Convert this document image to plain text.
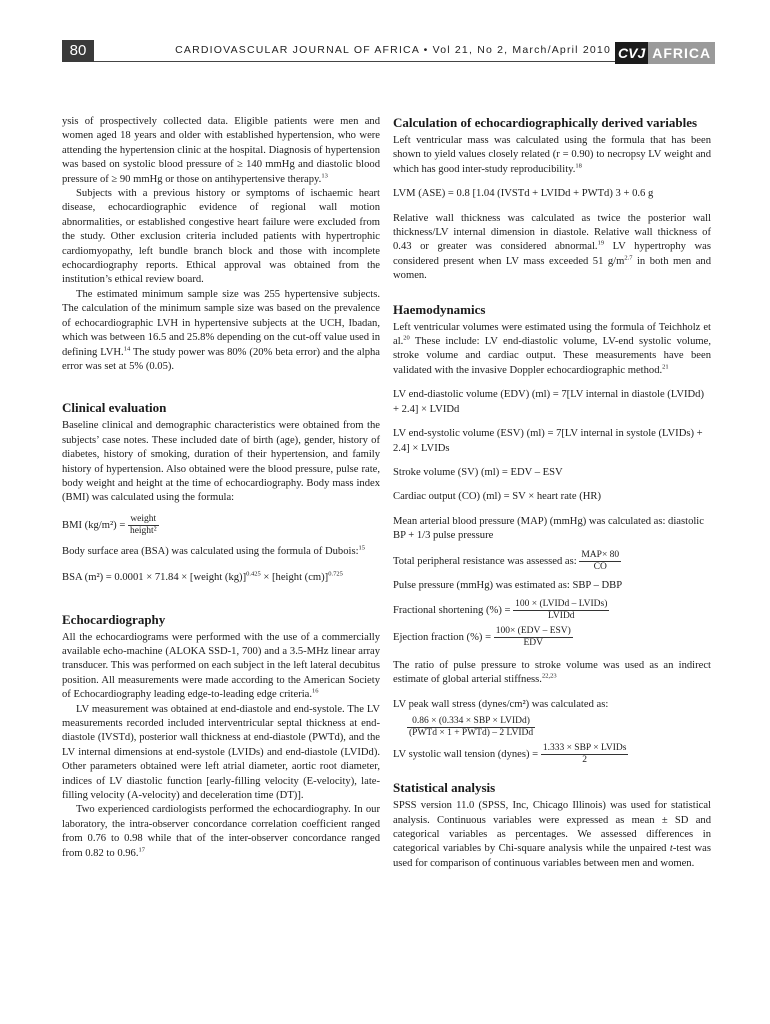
80	CARDIOVASCULAR JOURNAL OF AFRICA • Vol 21, No 2, March/April 2010 CVJ AFRICA

ysis of prospectively collected data. Eligible patients were men and women aged 18 years and older with established hypertension, who were attending the hypertension clinic at the hospital. Diagnosis of hypertension was based on systolic blood pressure of ≥ 140 mmHg and diastolic blood pressure of ≥ 90 mmHg or those on antihypertensive therapy.$^{13}$

Subjects with a previous history or symptoms of ischaemic heart disease, echocardiographic evidence of regional wall motion abnormalities, or established congestive heart failure were excluded from the study. Other exclusion criteria included patients with hypertrophic cardiomyopathy, left bundle branch block and those with incomplete echocardiography reports. Ethical approval was obtained from the institution’s ethical review board.

The estimated minimum sample size was 255 hypertensive subjects. The calculation of the minimum sample size was based on the prevalence of echocardiographic LVH in hypertensive subjects at the UCH, Ibadan, which was between 16.5 and 25.8% depending on the cut-off value used in defining LVH.$^{14}$ The study power was 80% (20% beta error) and the alpha error was set at 5% (0.05).

Clinical evaluation

Baseline clinical and demographic characteristics were obtained from the subjects’ case notes. These included date of birth (age), gender, history of diabetes, history of smoking, duration of their hypertension, and family history of hypertension. Also obtained were the blood pressure, pulse rate, body weight and height at the time of echocardiography. Body mass index (BMI) was calculated using the formula:

BMI $(kg/m^2) = \frac{\text{weight}}{\text{height²}}$

Body surface area (BSA) was calculated using the formula of Dubois:$^{15}$

BSA (m²) = 0.0001 × 71.84 × [weight (kg)]$^{0.425}$ × [height (cm)]$^{0.725}$
Echocardiography

All the echocardiograms were performed with the use of a commercially available echo-machine (ALOKA SSD-1, 700) and a 3.5-MHz linear array transducer. This was performed on each subject in the left lateral decubitus position. All measurements were made according to the American Society of Echocardiography leading edge-to-leading edge criteria.$^{16}$

LV measurement was obtained at end-diastole and end-systole. The LV measurements recorded included interventricular septal thickness at end-diastole (IVSTd), posterior wall thickness at end-diastole (PWTd), and the LV internal dimensions at end-systole (LVIDs) and end-diastole (LVIDd). Other parameters obtained were left atrial diameter, aortic root diameter, indices of LV diastolic function [early-filling velocity (E-velocity), late-filling velocity (A-velocity) and deceleration time (DT)].

Two experienced cardiologists performed the echocardiography. In our laboratory, the intra-observer concordance correlation coefficient ranged from 0.76 to 0.98 while that of the inter-observer concordance ranged from 0.82 to 0.96.17

Calculation of echocardiographically derived variables

Left ventricular mass was calculated using the formula that has been shown to yield values closely related (r = 0.90) to necropsy LV weight and which has good inter-study reproducibility.$^{18}$

LVM (ASE) = 0.8 [1.04 (IVSTd + LVIDd + PWTd) 3 + 0.6 g

Relative wall thickness was calculated as twice the posterior wall thickness/LV internal dimension in diastole. Relative wall thickness of 0.43 or greater was considered abnormal.$^{19}$ LV hypertrophy was considered present when LV mass exceeded 51 $g/m^{2.7}$ in both men and women.

Haemodynamics

Left ventricular volumes were estimated using the formula of Teichholz et al.$^{20}$ These include: LV end-diastolic volume, LV-end systolic volume, stroke volume and cardiac output. These measurements have been validated with the invasive Doppler echocardiographic method.$^{21}$

LV end-diastolic volume (EDV) (ml) = 7[LV internal in diastole (LVIDd) + 2.4] × LVIDd

LV end-systolic volume (ESV) (ml) = 7[LV internal in systole (LVIDs) + 2.4] × LVIDs

Stroke volume (SV) (ml) = EDV – ESV

Cardiac output (CO) (ml) = SV × heart rate (HR)

Mean arterial blood pressure (MAP) (mmHg) was calculated as: diastolic BP + 1/3 pulse pressure

Total peripheral resistance was assessed as: $\frac{\text{MAP× 80}}{CO}$

Pulse pressure (mmHg) was estimated as: SBP – DBP

Fractional shortening (%) = $\frac{\text{100 × (LVIDd – LVIDs)}}{\text{LVIDd}}$
Ejection fraction (%) = $\frac{\text{100× (EDV – ESV)}}{\text{EDV}}$

The ratio of pulse pressure to stroke volume was used as an indirect estimate of global arterial stiffness.$^{22,23}$

LV peak wall stress (dynes/cm²) was calculated as:

$\frac{\text{0.86 × (0.334 × SBP × LVIDd)}}{\text{(PWTd × 1 + PWTd) – 2 LVIDd}}$
LV systolic wall tension (dynes) = $\frac{\text{1.333 × SBP × LVIDs}}{2}$
Statistical analysis

SPSS version 11.0 (SPSS, Inc, Chicago Illinois) was used for statistical analysis. Continuous variables were expressed as mean ± SD and categorical variables as percentages. We assessed differences in categorical variables by Chi-square analysis while the unpaired t-test was used for comparison of continuous variables between men and women.
